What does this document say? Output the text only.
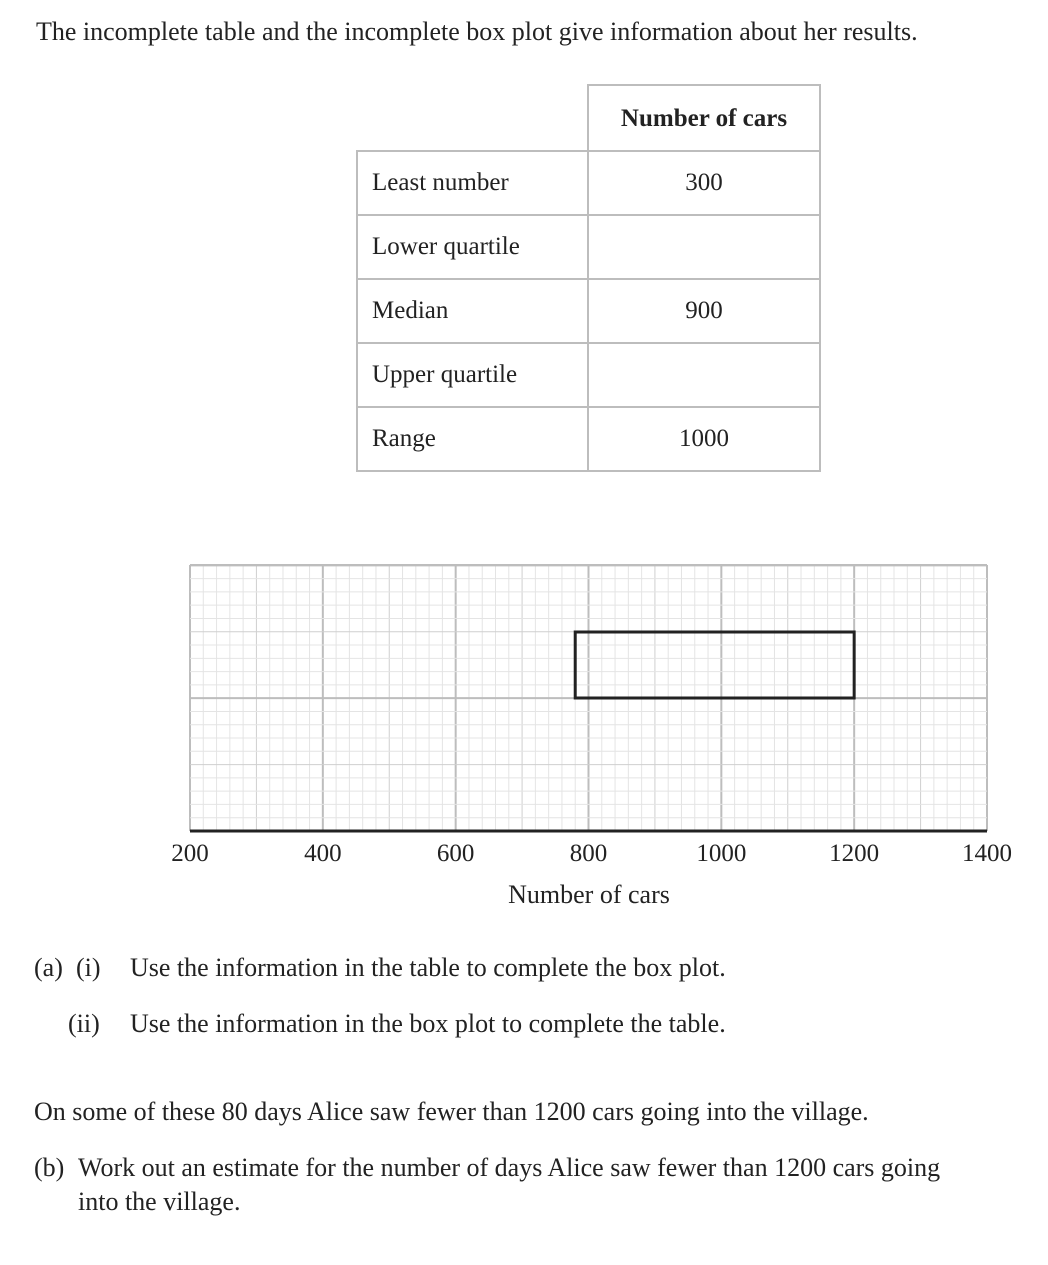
The incomplete table and the incomplete box plot give information about her results.
	Number of cars
Least number	300
Lower quartile	
Median	900
Upper quartile	
Range	1000
200	400	600	800	1000	1200	1400
Number of cars
(a) (i) Use the information in the table to complete the box plot.
(ii) Use the information in the box plot to complete the table.
On some of these 80 days Alice saw fewer than 1200 cars going into the village.
(b) Work out an estimate for the number of days Alice saw fewer than 1200 cars going
into the village.
